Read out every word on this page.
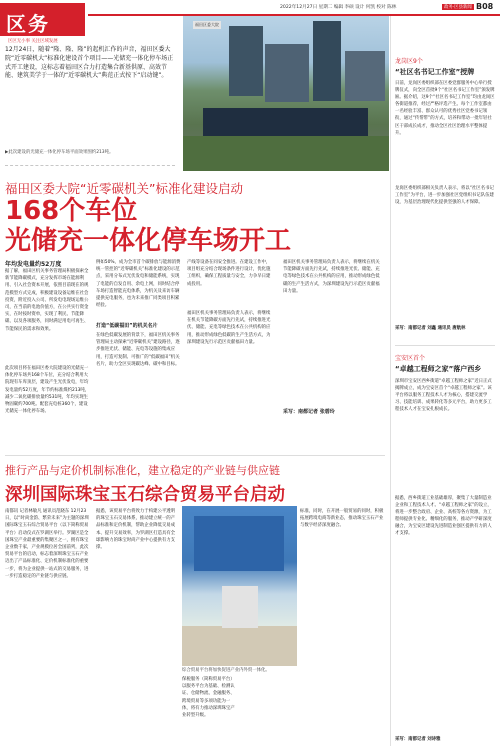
区务
区区无小事 关注区域发展
2022年12月27日 星期二 编辑 李硕 设计 何凯 校对 陈林	政务·区县新闻 B08
12月24日，随着“隆、隆、隆”的起机汇作的声音，福田区委大院“近零碳机大”标准化建设首个项目——光储充一体化停车场正式开工建设，这标志着福田区合力打造集合新基供原、高效节能、建筑美学于一体的“近零碳机大”典范正式按下“启动键”。
▶此次建设的光储充一体化停车场平面效果图约213吨。
福田区委大院
福田区委大院“近零碳机关”标准化建设启动
168个车位
光储充一体化停车场开工
年均发电量约52万度
据了解，福田区机关事务管理局积极探索全新节能降碳模式，充分发挥市场在能源利用、引入社会资本开展，依照目前现在的规范模型方式完成，积极建设设备运维在社会投资，附近投入公司、所发电电现场运维公司，在当前的电池价值方，在公共实行资金实，在时按时资单，实现了利民、节能降碳、以及各项服务，同时满足用电可再生、节能保民的需求和效果。
此次项目将在福田区委大院建设的光储充一体化停车场共168个车位，充分结合利用大院现有车库顶层，建设产生光伏发电，年均发电量约52万度，年节约标准煤约213吨，减少二氧化碳排放量约531吨，年均实现生物固碳约700吨。配套充电桩360个，建设光储充一体化停车场。
例如50%，成为全市首个碳排放与能源消费统一管控的“近零碳机关”标准化建设的示范点，采用分布式光伏发电和储能系统，实现了电能的自发自用、余电上网，同时结合停车场打造智能充电体系，为机关及来访车辆提供充电服务，也为未来推广同类项目积累经验。
打造“低碳福田”的机关名片
在绿色低碳发展的背景下，福田区机关事务管理局主动探索“近零碳机关”建设路径，逐步推进光伏、储能、充电等设施的集成应用，打造可复制、可推广的“低碳福田”机关名片，助力全区实现碳达峰、碳中和目标。
产线等设备在同安全推进。在建设工作中，项目组充分结合现场条件进行设计，优化施工组织，确保工程质量与安全，力争早日建成投用。
福田区机关事务管理局负责人表示，将继续在机关节能降碳方面先行先试，持续推进光伏、储能、充电等绿色技术在公共机构的应用，推动形成绿色低碳的生产生活方式，为深圳建设先行示范区贡献福田力量。
采写：南都记者 张碧玲
福田区机关事务管理局负责人表示，将继续在机关节能降碳方面先行先试，持续推进光伏、储能、充电等绿色技术在公共机构的应用，推动形成绿色低碳的生产生活方式，为深圳建设先行示范区贡献福田力量。
推行产品与定价机制标准化，建立稳定的产业链与供应链
深圳国际珠宝玉石综合贸易平台启动
南都讯 记者林敏凡 通讯员范晓东 12月23日，以“时尚金韵、繁荣未来”为主题的深圳国际珠宝玉石综合贸易平台（以下简称贸易平台）启动仪式在罗湖区举行。罗湖区是全国珠宝产业最重要的集聚区之一，拥有珠宝企业数千家，产业规模位居全国前列，此次贸易平台的启动，标志着深圳珠宝玉石产业迈出了产品标准化、定价机制标准化的重要一步，将为企业提供一站式的交易服务，进一步打造稳定的产业链与供应链。
据悉，该贸易平台将致力于构建公平透明的珠宝玉石交易体系，推动建立统一的产品标准和定价机制，帮助企业降低交易成本、提升交易效率，为罗湖区打造具有全球影响力的珠宝时尚产业中心提供有力支撑。
综合贸易平台将加快促进产业内外贸一体化。
保税服务（简称贸易平台）以服务平台为基础、检测认证、仓储物流、金融服务、跨境贸易等多项功能为一体，将有力推动深圳珠宝产业转型升级。
标准，同时，在开展一般贸易的同时，积极拓展跨境电商等新业态，推动珠宝玉石产业与数字经济深度融合。
龙岗区9个
“社区名书记工作室”授牌
日前，龙岗区委组织部在区委党群服务中心举行授牌仪式，向全区首批9个“社区名书记工作室”颁发牌匾。据介绍，这9个“社区名书记工作室”均由龙岗区各街道推荐，经过严格评选产生。每个工作室都由一名经验丰富、群众认可的优秀社区党委书记领衔，通过“传帮带”的方式，培养和带动一批年轻社区干部成长成才，推动全区社区治理水平整体提升。
龙岗区委组织部相关负责人表示，将以“社区名书记工作室”为平台，进一步加强社区党组织书记队伍建设，为基层治理现代化提供坚强的人才保障。
采写：南都记者 刘鑫 通讯员 唐航林
宝安区首个
“卓越工程师之家”落户西乡
深圳市宝安区西乡街道“卓越工程师之家”近日正式揭牌成立，成为宝安区首个“卓越工程师之家”。该平台将以服务工程技术人才为核心，搭建交流学习、技能培训、成果转化等多元平台，助力更多工程技术人才在宝安扎根成长。
据悉，西乡街道工业基础雄厚，聚集了大量制造业企业和工程技术人才。“卓越工程师之家”的设立，将进一步整合政府、企业、高校等各方资源，为工程师提供专业化、精细化的服务，推动产学研深度融合，为宝安区建设先进制造业强区提供有力的人才支撑。
采写：南都记者 刘诗雅
